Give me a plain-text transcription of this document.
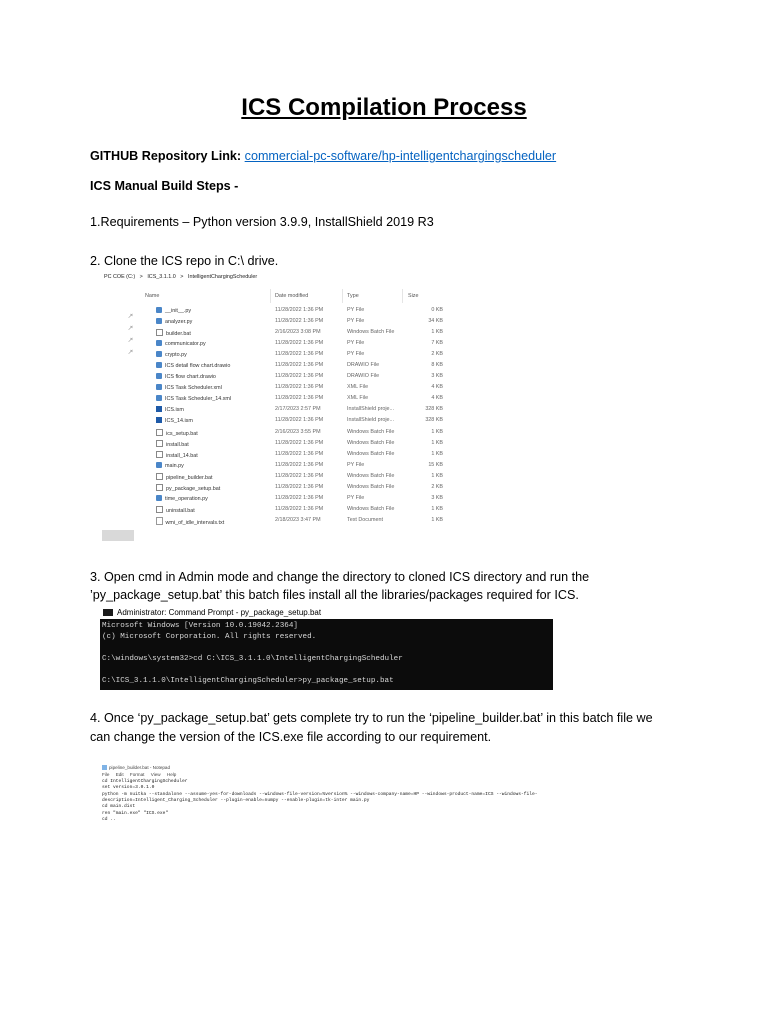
ICS Compilation Process
GITHUB Repository Link: commercial-pc-software/hp-intelligentchargingscheduler
ICS Manual Build Steps -
1.Requirements – Python version 3.9.9, InstallShield 2019 R3
2. Clone the ICS repo in C:\ drive.
PC COE (C:) > ICS_3.1.1.0 > IntelligentChargingScheduler
Name	Date modified	Type	Size
†
†
†
†
__init__.py	11/28/2022 1:36 PM	PY File	0 KB
analyzer.py	11/28/2022 1:36 PM	PY File	34 KB
builder.bat	2/16/2023 3:08 PM	Windows Batch File	1 KB
communicator.py	11/28/2022 1:36 PM	PY File	7 KB
crypto.py	11/28/2022 1:36 PM	PY File	2 KB
ICS detail flow chart.drawio	11/28/2022 1:36 PM	DRAWIO File	8 KB
ICS flow chart.drawio	11/28/2022 1:36 PM	DRAWIO File	3 KB
ICS Task Scheduler.xml	11/28/2022 1:36 PM	XML File	4 KB
ICS Task Scheduler_14.xml	11/28/2022 1:36 PM	XML File	4 KB
ICS.ism	2/17/2023 2:57 PM	InstallShield proje...	328 KB
ICS_14.ism	11/28/2022 1:36 PM	InstallShield proje...	328 KB
ics_setup.bat	2/16/2023 3:55 PM	Windows Batch File	1 KB
install.bat	11/28/2022 1:36 PM	Windows Batch File	1 KB
install_14.bat	11/28/2022 1:36 PM	Windows Batch File	1 KB
main.py	11/28/2022 1:36 PM	PY File	15 KB
pipeline_builder.bat	11/28/2022 1:36 PM	Windows Batch File	1 KB
py_package_setup.bat	11/28/2022 1:36 PM	Windows Batch File	2 KB
time_operation.py	11/28/2022 1:36 PM	PY File	3 KB
uninstall.bat	11/28/2022 1:36 PM	Windows Batch File	1 KB
wmi_of_idle_intervals.txt	2/18/2023 3:47 PM	Text Document	1 KB
3. Open cmd in Admin mode and change the directory to cloned ICS directory and run the
’py_package_setup.bat’ this batch files install all the libraries/packages required for ICS.
Administrator: Command Prompt - py_package_setup.bat
Microsoft Windows [Version 10.0.19042.2364]
(c) Microsoft Corporation. All rights reserved.
C:\windows\system32>cd C:\ICS_3.1.1.0\IntelligentChargingScheduler
C:\ICS_3.1.1.0\IntelligentChargingScheduler>py_package_setup.bat
4. Once ‘py_package_setup.bat’ gets complete try to run the ‘pipeline_builder.bat’ in this batch file we
can change the version of the ICS.exe file according to our requirement.
pipeline_builder.bat - Notepad
File Edit Format View Help
cd IntelligentChargingScheduler
set version=3.0.1.0
python -m nuitka --standalone --assume-yes-for-downloads --windows-file-version=%version% --windows-company-name=HP --windows-product-name=ICS --windows-file-
description=Intelligent_Charging_Scheduler --plugin-enable=numpy --enable-plugin=tk-inter main.py
cd main.dist
ren "main.exe" "ICS.exe"
cd ..
